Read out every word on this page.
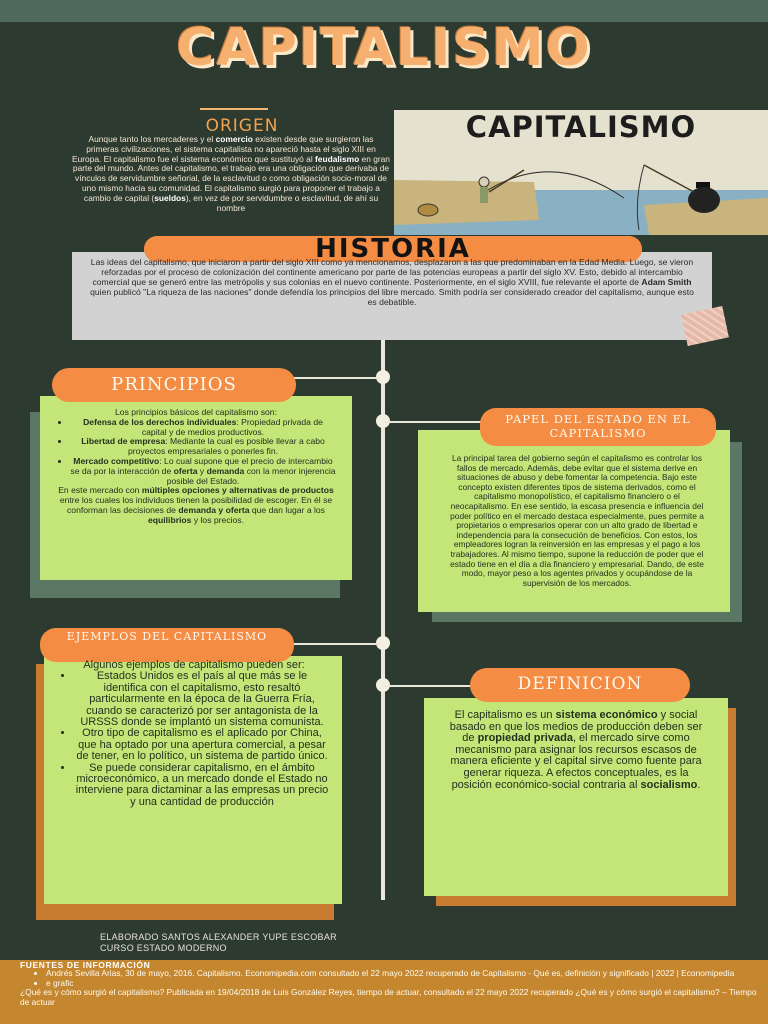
CAPITALISMO
ORIGEN
Aunque tanto los mercaderes y el comercio existen desde que surgieron las primeras civilizaciones, el sistema capitalista no apareció hasta el siglo XIII en Europa. El capitalismo fue el sistema económico que sustituyó al feudalismo en gran parte del mundo. Antes del capitalismo, el trabajo era una obligación que derivaba de vínculos de servidumbre señorial, de la esclavitud o como obligación socio-moral de uno mismo hacia su comunidad. El capitalismo surgió para proponer el trabajo a cambio de capital (sueldos), en vez de por servidumbre o esclavitud, de ahí su nombre
CAPITALISMO
HISTORIA
Las ideas del capitalismo, que iniciaron a partir del siglo XIII como ya mencionamos, desplazaron a las que predominaban en la Edad Media. Luego, se vieron reforzadas por el proceso de colonización del continente americano por parte de las potencias europeas a partir del siglo XV. Esto, debido al intercambio comercial que se generó entre las metrópolis y sus colonias en el nuevo continente. Posteriormente, en el siglo XVIII, fue relevante el aporte de Adam Smith quien publicó "La riqueza de las naciones" donde defendía los principios del libre mercado. Smith podría ser considerado creador del capitalismo, aunque esto es debatible.
PRINCIPIOS
Los principios básicos del capitalismo son:
• Defensa de los derechos individuales: Propiedad privada de capital y de medios productivos.
• Libertad de empresa: Mediante la cual es posible llevar a cabo proyectos empresariales o ponerles fin.
• Mercado competitivo: Lo cual supone que el precio de intercambio se da por la interacción de oferta y demanda con la menor injerencia posible del Estado.
En este mercado con múltiples opciones y alternativas de productos entre los cuales los individuos tienen la posibilidad de escoger. En él se conforman las decisiones de demanda y oferta que dan lugar a los equilibrios y los precios.
PAPEL DEL ESTADO EN EL CAPITALISMO
La principal tarea del gobierno según el capitalismo es controlar los fallos de mercado. Además, debe evitar que el sistema derive en situaciones de abuso y debe fomentar la competencia. Bajo este concepto existen diferentes tipos de sistema derivados, como el capitalismo monopolístico, el capitalismo financiero o el neocapitalismo. En ese sentido, la escasa presencia e influencia del poder político en el mercado destaca especialmente, pues permite a propietarios o empresarios operar con un alto grado de libertad e independencia para la consecución de beneficios. Con estos, los empleadores logran la reinversión en las empresas y el pago a los trabajadores. Al mismo tiempo, supone la reducción de poder que el estado tiene en el día a día financiero y empresarial. Dando, de este modo, mayor peso a los agentes privados y ocupándose de la supervisión de los mercados.
EJEMPLOS DEL CAPITALISMO
Algunos ejemplos de capitalismo pueden ser:
• Estados Unidos es el país al que más se le identifica con el capitalismo, esto resaltó particularmente en la época de la Guerra Fría, cuando se caracterizó por ser antagonista de la URSSS donde se implantó un sistema comunista.
• Otro tipo de capitalismo es el aplicado por China, que ha optado por una apertura comercial, a pesar de tener, en lo político, un sistema de partido único.
• Se puede considerar capitalismo, en el ámbito microeconómico, a un mercado donde el Estado no interviene para dictaminar a las empresas un precio y una cantidad de producción
DEFINICION
El capitalismo es un sistema económico y social basado en que los medios de producción deben ser de propiedad privada, el mercado sirve como mecanismo para asignar los recursos escasos de manera eficiente y el capital sirve como fuente para generar riqueza. A efectos conceptuales, es la posición económico-social contraria al socialismo.
ELABORADO SANTOS ALEXANDER YUPE ESCOBAR
CURSO ESTADO MODERNO
FUENTES DE INFORMACIÓN
• Andrés Sevilla Arias, 30 de mayo, 2016. Capitalismo. Economipedia.com consultado el 22 mayo 2022 recuperado de Capitalismo - Qué es, definición y significado | 2022 | Economipedia
• e grafic
¿Qué es y cómo surgió el capitalismo? Publicada en 19/04/2018 de Luis González Reyes, tiempo de actuar, consultado el 22 mayo 2022 recuperado ¿Qué es y cómo surgió el capitalismo? – Tiempo de actuar
